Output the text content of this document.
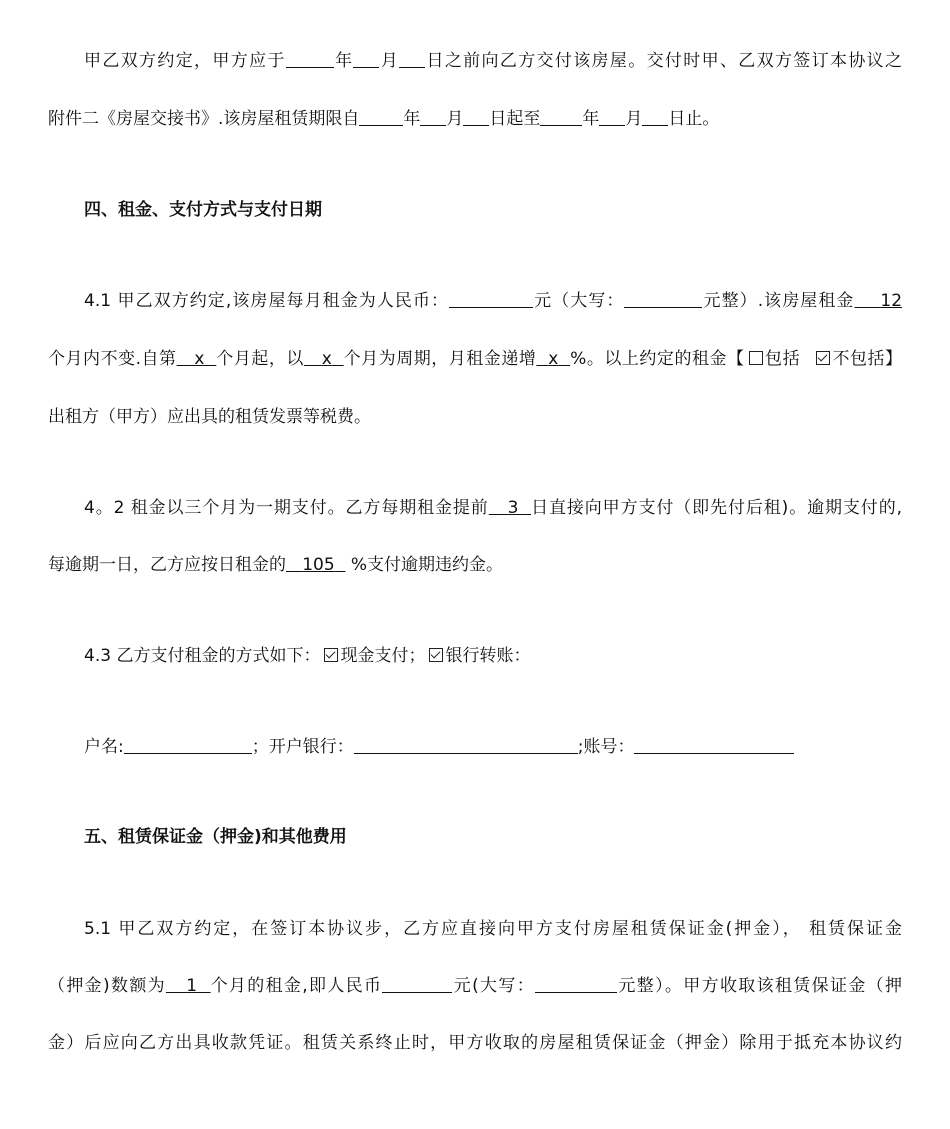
甲乙双方约定，甲方应于	年 月 日之前向乙方交付该房屋。交付时甲、乙双方签订本协议之
附件二《房屋交接书》.该房屋租赁期限自	年 月 日起至 年 月 日止。
四、租金、支付方式与支付日期
4.1 甲乙双方约定,该房屋每月租金为人民币：	元（大写：	元整）.该房屋租金 12
个月内不变.自第 x 个月起，以 x 个月为周期，月租金递增 x %。以上约定的租金【 包括 不包括】
出租方（甲方）应出具的租赁发票等税费。
4。2 租金以三个月为一期支付。乙方每期租金提前 3 日直接向甲方支付（即先付后租)。逾期支付的,
每逾期一日，乙方应按日租金的 105 %支付逾期违约金。
4.3 乙方支付租金的方式如下： 现金支付； 银行转账：
户名:	；开户银行：	;账号：
五、租赁保证金（押金)和其他费用
5.1 甲乙双方约定，在签订本协议步，乙方应直接向甲方支付房屋租赁保证金(押金）， 租赁保证金
（押金)数额为 1 个月的租金,即人民币	元(大写：	元整）。甲方收取该租赁保证金（押
金）后应向乙方出具收款凭证。租赁关系终止时，甲方收取的房屋租赁保证金（押金）除用于抵充本协议约
